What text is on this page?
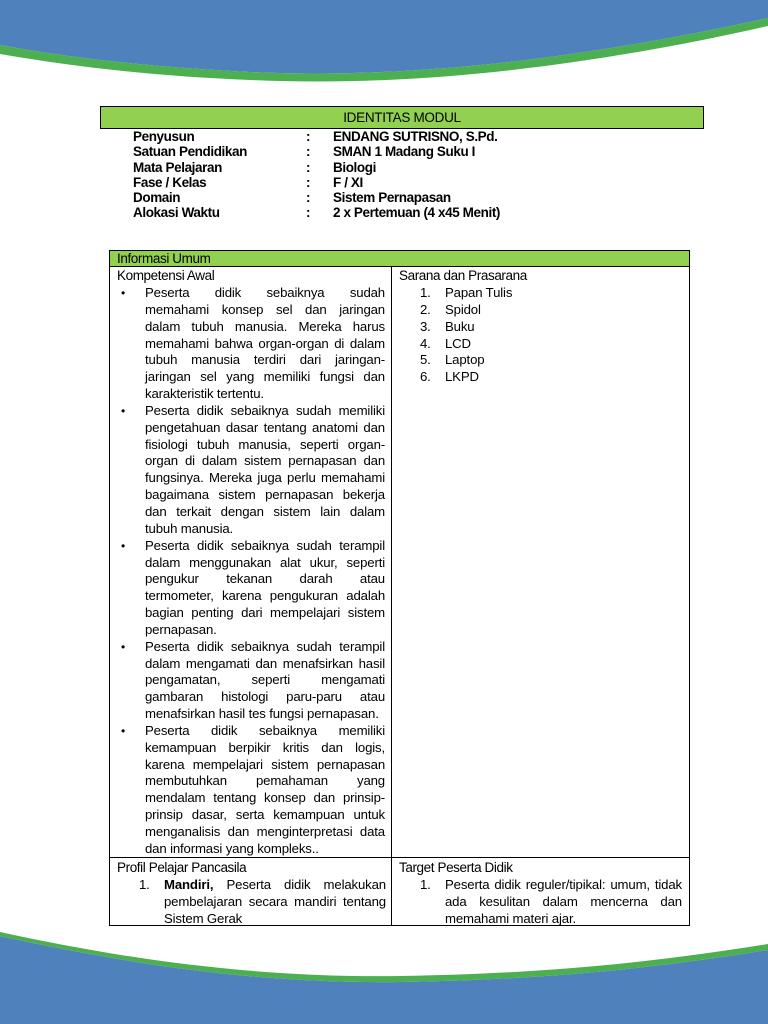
IDENTITAS MODUL
Penyusun	: ENDANG SUTRISNO, S.Pd.
Satuan Pendidikan	: SMAN 1 Madang Suku I
Mata Pelajaran	: Biologi
Fase / Kelas	: F / XI
Domain	: Sistem Pernapasan
Alokasi Waktu	: 2 x Pertemuan (4 x45 Menit)
Informasi Umum
Kompetensi Awal
• Peserta didik sebaiknya sudah memahami konsep sel dan jaringan dalam tubuh manusia. Mereka harus memahami bahwa organ-organ di dalam tubuh manusia terdiri dari jaringan-jaringan sel yang memiliki fungsi dan karakteristik tertentu.
• Peserta didik sebaiknya sudah memiliki pengetahuan dasar tentang anatomi dan fisiologi tubuh manusia, seperti organ-organ di dalam sistem pernapasan dan fungsinya. Mereka juga perlu memahami bagaimana sistem pernapasan bekerja dan terkait dengan sistem lain dalam tubuh manusia.
• Peserta didik sebaiknya sudah terampil dalam menggunakan alat ukur, seperti pengukur tekanan darah atau termometer, karena pengukuran adalah bagian penting dari mempelajari sistem pernapasan.
• Peserta didik sebaiknya sudah terampil dalam mengamati dan menafsirkan hasil pengamatan, seperti mengamati gambaran histologi paru-paru atau menafsirkan hasil tes fungsi pernapasan.
• Peserta didik sebaiknya memiliki kemampuan berpikir kritis dan logis, karena mempelajari sistem pernapasan membutuhkan pemahaman yang mendalam tentang konsep dan prinsip-prinsip dasar, serta kemampuan untuk menganalisis dan menginterpretasi data dan informasi yang kompleks..
Sarana dan Prasarana
1. Papan Tulis
2. Spidol
3. Buku
4. LCD
5. Laptop
6. LKPD
Profil Pelajar Pancasila
1. Mandiri, Peserta didik melakukan pembelajaran secara mandiri tentang Sistem Gerak
Target Peserta Didik
1. Peserta didik reguler/tipikal: umum, tidak ada kesulitan dalam mencerna dan memahami materi ajar.
